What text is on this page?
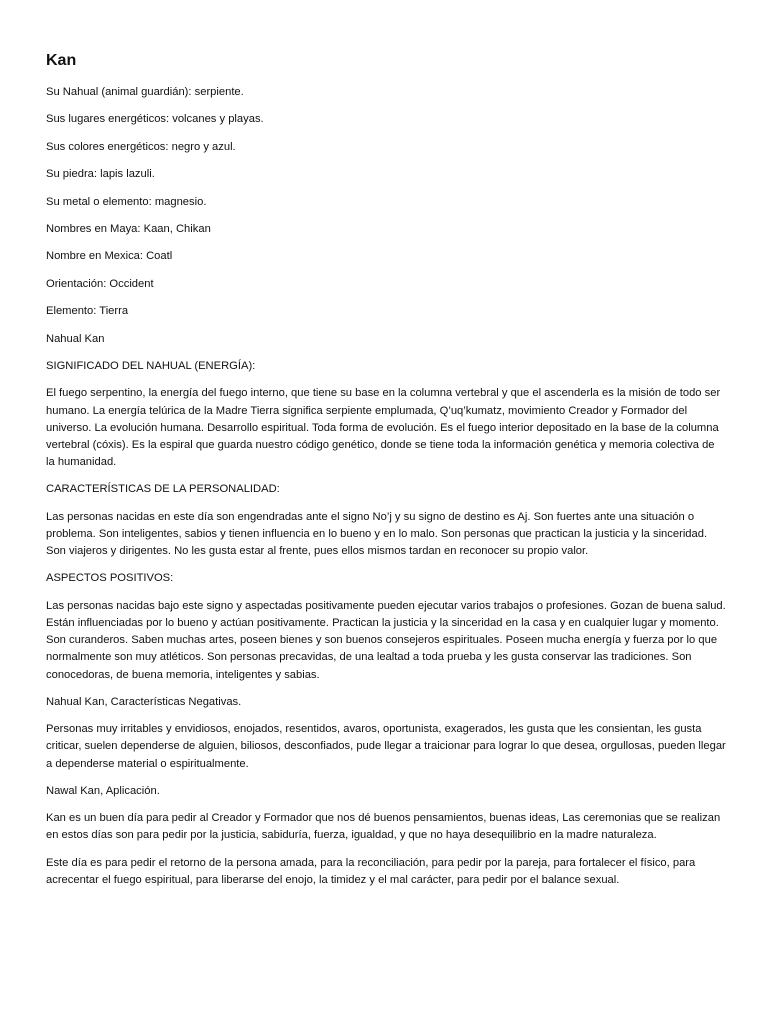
Kan
Su Nahual (animal guardián): serpiente.
Sus lugares energéticos: volcanes y playas.
Sus colores energéticos: negro y azul.
Su piedra: lapis lazuli.
Su metal o elemento: magnesio.
Nombres en Maya: Kaan, Chikan
Nombre en Mexica: Coatl
Orientación: Occident
Elemento: Tierra
Nahual Kan
SIGNIFICADO DEL NAHUAL (ENERGÍA):
El fuego serpentino, la energía del fuego interno, que tiene su base en la columna vertebral y que el ascenderla es la misión de todo ser humano. La energía telúrica de la Madre Tierra significa serpiente emplumada, Q’uq’kumatz, movimiento Creador y Formador del universo. La evolución humana. Desarrollo espiritual. Toda forma de evolución. Es el fuego interior depositado en la base de la columna vertebral (cóxis). Es la espiral que guarda nuestro código genético, donde se tiene toda la información genética y memoria colectiva de la humanidad.
CARACTERÍSTICAS DE LA PERSONALIDAD:
Las personas nacidas en este día son engendradas ante el signo No’j y su signo de destino es Aj. Son fuertes ante una situación o problema. Son inteligentes, sabios y tienen influencia en lo bueno y en lo malo. Son personas que practican la justicia y la sinceridad. Son viajeros y dirigentes. No les gusta estar al frente, pues ellos mismos tardan en reconocer su propio valor.
ASPECTOS POSITIVOS:
Las personas nacidas bajo este signo y aspectadas positivamente pueden ejecutar varios trabajos o profesiones. Gozan de buena salud. Están influenciadas por lo bueno y actúan positivamente. Practican la justicia y la sinceridad en la casa y en cualquier lugar y momento. Son curanderos. Saben muchas artes, poseen bienes y son buenos consejeros espirituales. Poseen mucha energía y fuerza por lo que normalmente son muy atléticos. Son personas precavidas, de una lealtad a toda prueba y les gusta conservar las tradiciones. Son conocedoras, de buena memoria, inteligentes y sabias.
Nahual Kan, Características Negativas.
Personas muy irritables y envidiosos, enojados, resentidos, avaros, oportunista, exagerados, les gusta que les consientan, les gusta criticar, suelen dependerse de alguien, biliosos, desconfiados, pude llegar a traicionar para lograr lo que desea, orgullosas, pueden llegar a dependerse material o espiritualmente.
Nawal Kan, Aplicación.
Kan es un buen día para pedir al Creador y Formador que nos dé buenos pensamientos, buenas ideas, Las ceremonias que se realizan en estos días son para pedir por la justicia, sabiduría, fuerza, igualdad, y que no haya desequilibrio en la madre naturaleza.
Este día es para pedir el retorno de la persona amada, para la reconciliación, para pedir por la pareja, para fortalecer el físico, para acrecentar el fuego espiritual, para liberarse del enojo, la timidez y el mal carácter, para pedir por el balance sexual.
